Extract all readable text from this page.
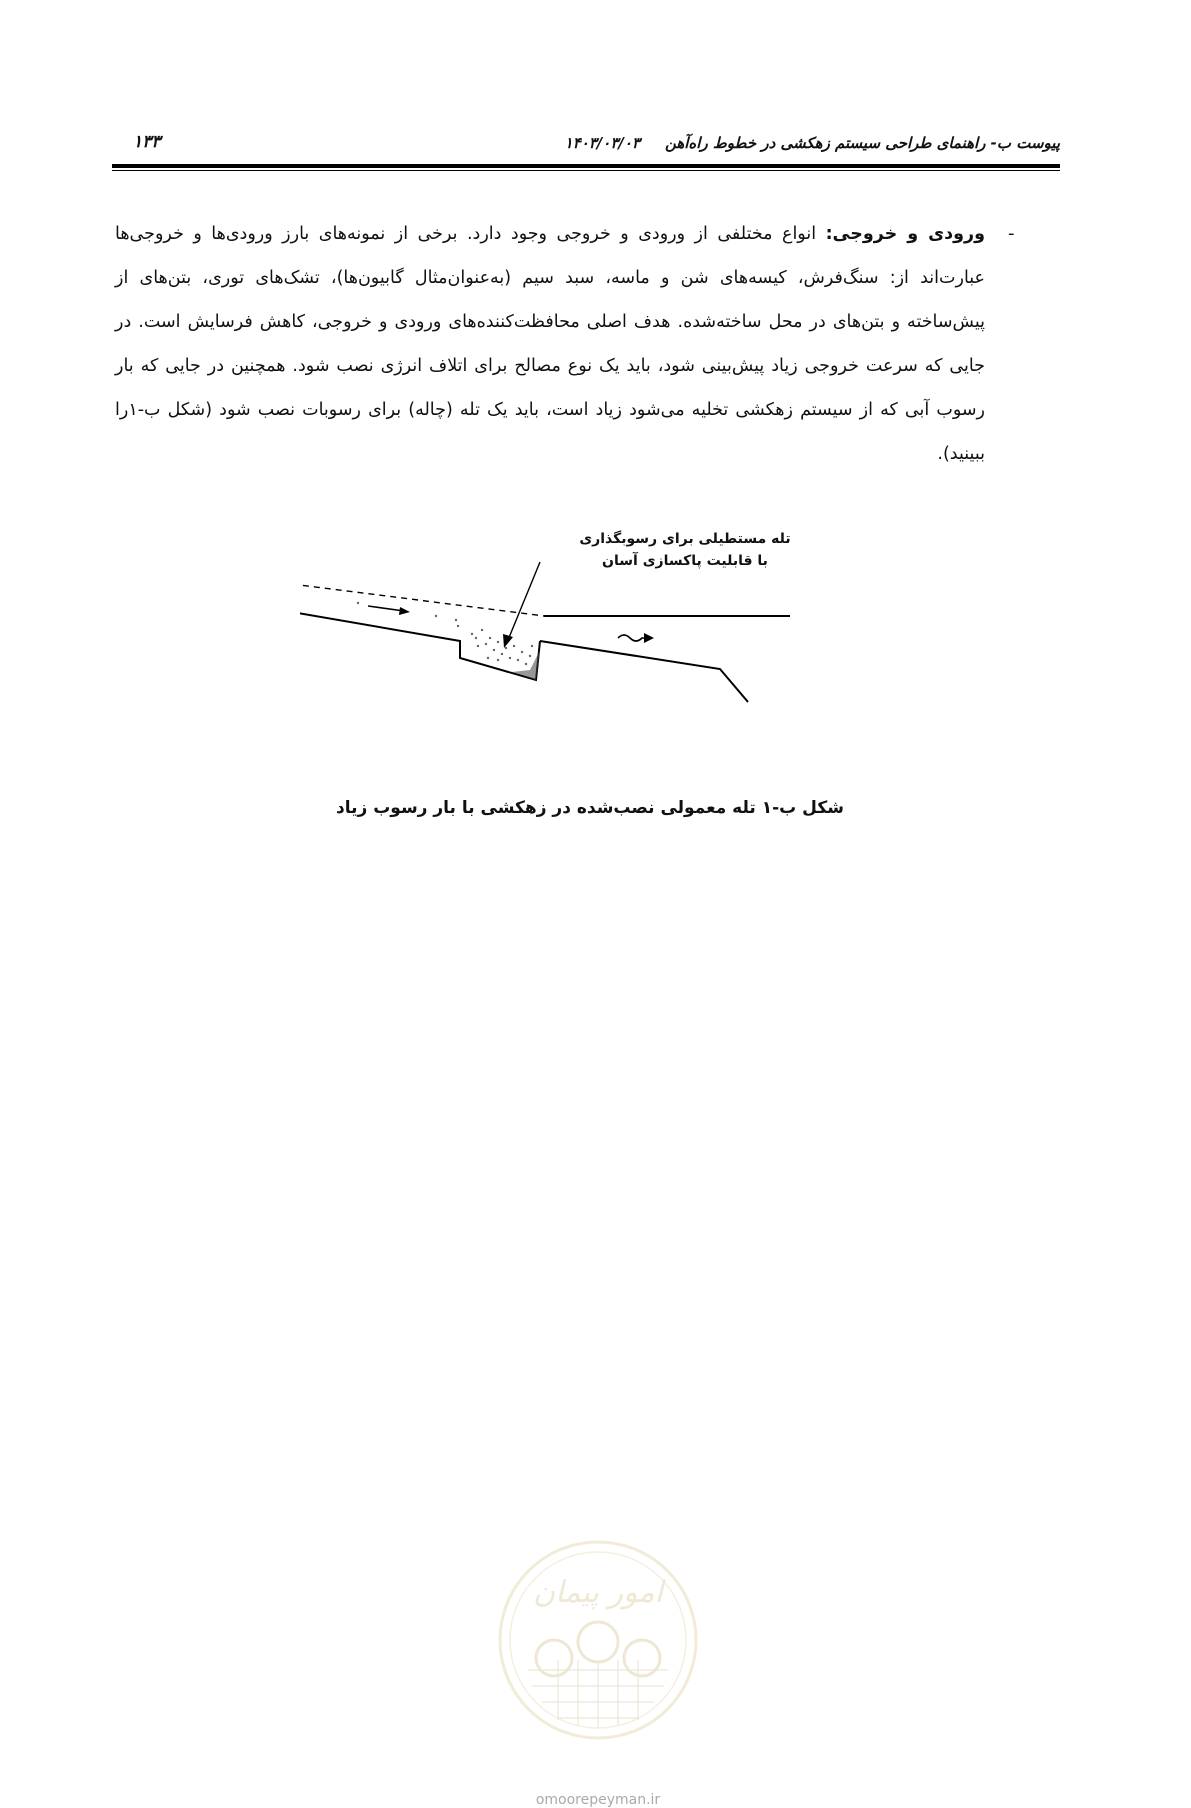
پیوست ب- راهنمای طراحی سیستم زهکشی در خطوط راه‌آهن
۱۴۰۳/۰۳/۰۳
۱۳۳
-
ورودی و خروجی: انواع مختلفی از ورودی و خروجی وجود دارد. برخی از نمونه‌های بارز ورودی‌ها و خروجی‌ها عبارت‌اند از: سنگ‌فرش، کیسه‌های شن و ماسه، سبد سیم (به‌عنوان‌مثال گابیون‌ها)، تشک‌های توری، بتن‌های از پیش‌ساخته و بتن‌های در محل ساخته‌شده. هدف اصلی محافظت‌کننده‌های ورودی و خروجی، کاهش فرسایش است. در جایی که سرعت خروجی زیاد پیش‌بینی شود، باید یک نوع مصالح برای اتلاف انرژی نصب شود. همچنین در جایی که بار رسوب آبی که از سیستم زهکشی تخلیه می‌شود زیاد است، باید یک تله (چاله) برای رسوبات نصب شود (شکل ب-۱را ببینید).
تله مستطیلی برای رسوبگذاری
با قابلیت پاکسازی آسان
شکل ب-۱ تله معمولی نصب‌شده در زهکشی با بار رسوب زیاد
امور پیمان
omoorepeyman.ir
